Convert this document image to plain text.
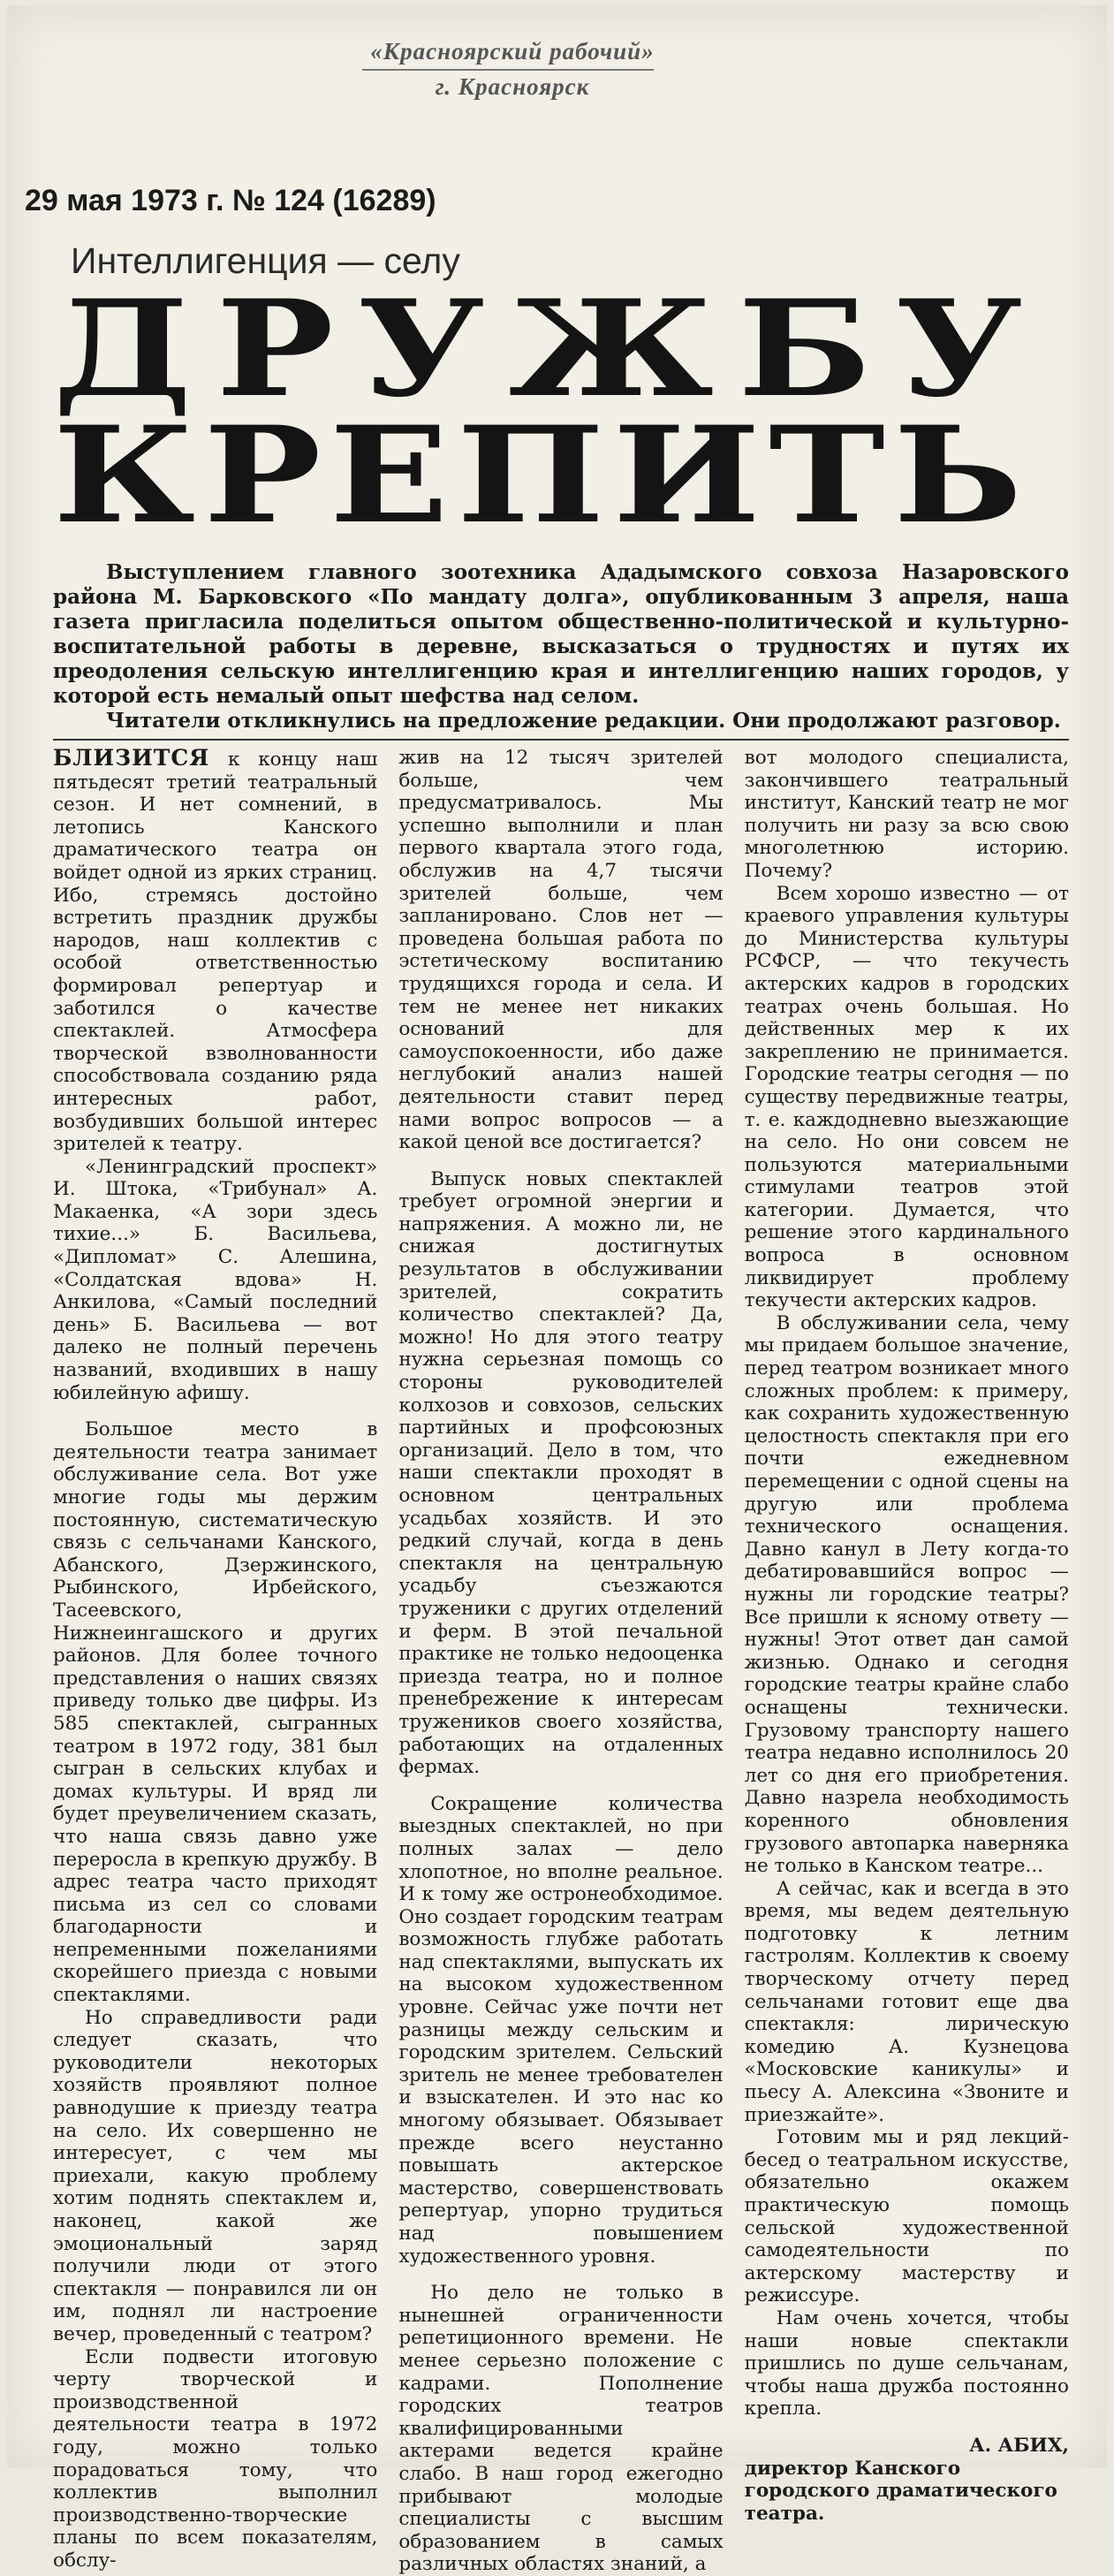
«Красноярский рабочий»
г. Красноярск
29 мая 1973 г. № 124 (16289)
Интеллигенция — селу
Д Р У Ж Б У
К Р Е П И Т Ь

Выступлением главного зоотехника Ададымского совхоза Назаровского района М. Барковского «По мандату долга», опубликованным 3 апреля, наша газета пригласила поделиться опытом общественно-политической и культурно-воспитательной работы в деревне, высказаться о трудностях и путях их преодоления сельскую интеллигенцию края и интеллигенцию наших городов, у которой есть немалый опыт шефства над селом.

Читатели откликнулись на предложение редакции. Они продолжают разговор.

БЛИЗИТСЯ к концу наш пятьдесят третий театральный сезон. И нет сомнений, в летопись Канского драматического театра он войдет одной из ярких страниц. Ибо, стремясь достойно встретить праздник дружбы народов, наш коллектив с особой ответственностью формировал репертуар и заботился о качестве спектаклей. Атмосфера творческой взволнованности способствовала созданию ряда интересных работ, возбудивших большой интерес зрителей к театру.

«Ленинградский проспект» И. Штока, «Трибунал» А. Макаенка, «А зори здесь тихие...» Б. Васильева, «Дипломат» С. Алешина, «Солдатская вдова» Н. Анкилова, «Самый последний день» Б. Васильева — вот далеко не полный перечень названий, входивших в нашу юбилейную афишу.

Большое место в деятельности театра занимает обслуживание села. Вот уже многие годы мы держим постоянную, систематическую связь с сельчанами Канского, Абанского, Дзержинского, Рыбинского, Ирбейского, Тасеевского, Нижнеингашского и других районов. Для более точного представления о наших связях приведу только две цифры. Из 585 спектаклей, сыгранных театром в 1972 году, 381 был сыгран в сельских клубах и домах культуры. И вряд ли будет преувеличением сказать, что наша связь давно уже переросла в крепкую дружбу. В адрес театра часто приходят письма из сел со словами благодарности и непременными пожеланиями скорейшего приезда с новыми спектаклями.

Но справедливости ради следует сказать, что руководители некоторых хозяйств проявляют полное равнодушие к приезду театра на село. Их совершенно не интересует, с чем мы приехали, какую проблему хотим поднять спектаклем и, наконец, какой же эмоциональный заряд получили люди от этого спектакля — понравился ли он им, поднял ли настроение вечер, проведенный с театром?

Если подвести итоговую черту творческой и производственной деятельности театра в 1972 году, можно только порадоваться тому, что коллектив выполнил производственно-творческие планы по всем показателям, обслу-

жив на 12 тысяч зрителей больше, чем предусматривалось. Мы успешно выполнили и план первого квартала этого года, обслужив на 4,7 тысячи зрителей больше, чем запланировано. Слов нет — проведена большая работа по эстетическому воспитанию трудящихся города и села. И тем не менее нет никаких оснований для самоуспокоенности, ибо даже неглубокий анализ нашей деятельности ставит перед нами вопрос вопросов — а какой ценой все достигается?

Выпуск новых спектаклей требует огромной энергии и напряжения. А можно ли, не снижая достигнутых результатов в обслуживании зрителей, сократить количество спектаклей? Да, можно! Но для этого театру нужна серьезная помощь со стороны руководителей колхозов и совхозов, сельских партийных и профсоюзных организаций. Дело в том, что наши спектакли проходят в основном центральных усадьбах хозяйств. И это редкий случай, когда в день спектакля на центральную усадьбу съезжаются труженики с других отделений и ферм. В этой печальной практике не только недооценка приезда театра, но и полное пренебрежение к интересам тружеников своего хозяйства, работающих на отдаленных фермах.

Сокращение количества выездных спектаклей, но при полных залах — дело хлопотное, но вполне реальное. И к тому же остронеобходимое. Оно создает городским театрам возможность глубже работать над спектаклями, выпускать их на высоком художественном уровне. Сейчас уже почти нет разницы между сельским и городским зрителем. Сельский зритель не менее требователен и взыскателен. И это нас ко многому обязывает. Обязывает прежде всего неустанно повышать актерское мастерство, совершенствовать репертуар, упорно трудиться над повышением художественного уровня.

Но дело не только в нынешней ограниченности репетиционного времени. Не менее серьезно положение с кадрами. Пополнение городских театров квалифицированными актерами ведется крайне слабо. В наш город ежегодно прибывают молодые специалисты с высшим образованием в самых различных областях знаний, а

вот молодого специалиста, закончившего театральный институт, Канский театр не мог получить ни разу за всю свою многолетнюю историю. Почему?

Всем хорошо известно — от краевого управления культуры до Министерства культуры РСФСР, — что текучесть актерских кадров в городских театрах очень большая. Но действенных мер к их закреплению не принимается. Городские театры сегодня — по существу передвижные театры, т. е. каждодневно выезжающие на село. Но они совсем не пользуются материальными стимулами театров этой категории. Думается, что решение этого кардинального вопроса в основном ликвидирует проблему текучести актерских кадров.

В обслуживании села, чему мы придаем большое значение, перед театром возникает много сложных проблем: к примеру, как сохранить художественную целостность спектакля при его почти ежедневном перемещении с одной сцены на другую или проблема технического оснащения. Давно канул в Лету когда-то дебатировавшийся вопрос — нужны ли городские театры? Все пришли к ясному ответу — нужны! Этот ответ дан самой жизнью. Однако и сегодня городские театры крайне слабо оснащены технически. Грузовому транспорту нашего театра недавно исполнилось 20 лет со дня его приобретения. Давно назрела необходимость коренного обновления грузового автопарка наверняка не только в Канском театре...

А сейчас, как и всегда в это время, мы ведем деятельную подготовку к летним гастролям. Коллектив к своему творческому отчету перед сельчанами готовит еще два спектакля: лирическую комедию А. Кузнецова «Московские каникулы» и пьесу А. Алексина «Звоните и приезжайте».

Готовим мы и ряд лекций-бесед о театральном искусстве, обязательно окажем практическую помощь сельской художественной самодеятельности по актерскому мастерству и режиссуре.

Нам очень хочется, чтобы наши новые спектакли пришлись по душе сельчанам, чтобы наша дружба постоянно крепла.

А. АБИХ,
директор Канского городского драматического театра.
